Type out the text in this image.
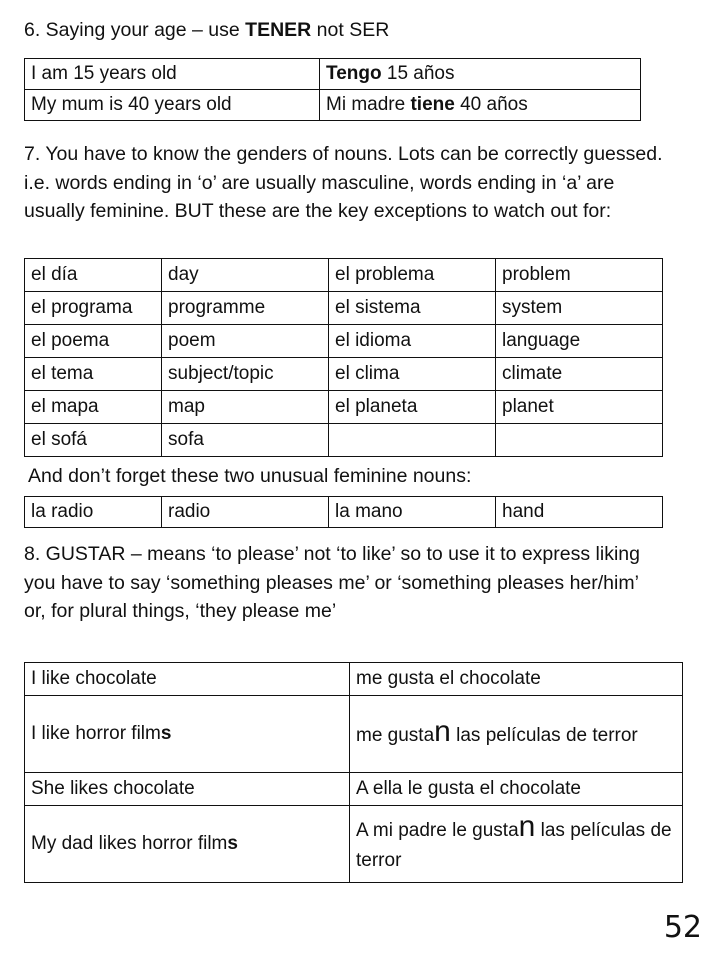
6. Saying your age – use TENER not SER
I am 15 years old	Tengo 15 años
My mum is 40 years old	Mi madre tiene 40 años
7. You have to know the genders of nouns. Lots can be correctly guessed. i.e. words ending in ‘o’ are usually masculine, words ending in ‘a’ are usually feminine. BUT these are the key exceptions to watch out for:
el día	day	el problema	problem
el programa	programme	el sistema	system
el poema	poem	el idioma	language
el tema	subject/topic	el clima	climate
el mapa	map	el planeta	planet
el sofá	sofa		
And don’t forget these two unusual feminine nouns:
la radio	radio	la mano	hand
8. GUSTAR – means ‘to please’ not ‘to like’ so to use it to express liking you have to say ‘something pleases me’ or ‘something pleases her/him’ or, for plural things, ‘they please me’
I like chocolate	me gusta el chocolate
I like horror films	me gustan las películas de terror
She likes chocolate	A ella le gusta el chocolate
My dad likes horror films	A mi padre le gustan las películas de terror
52
